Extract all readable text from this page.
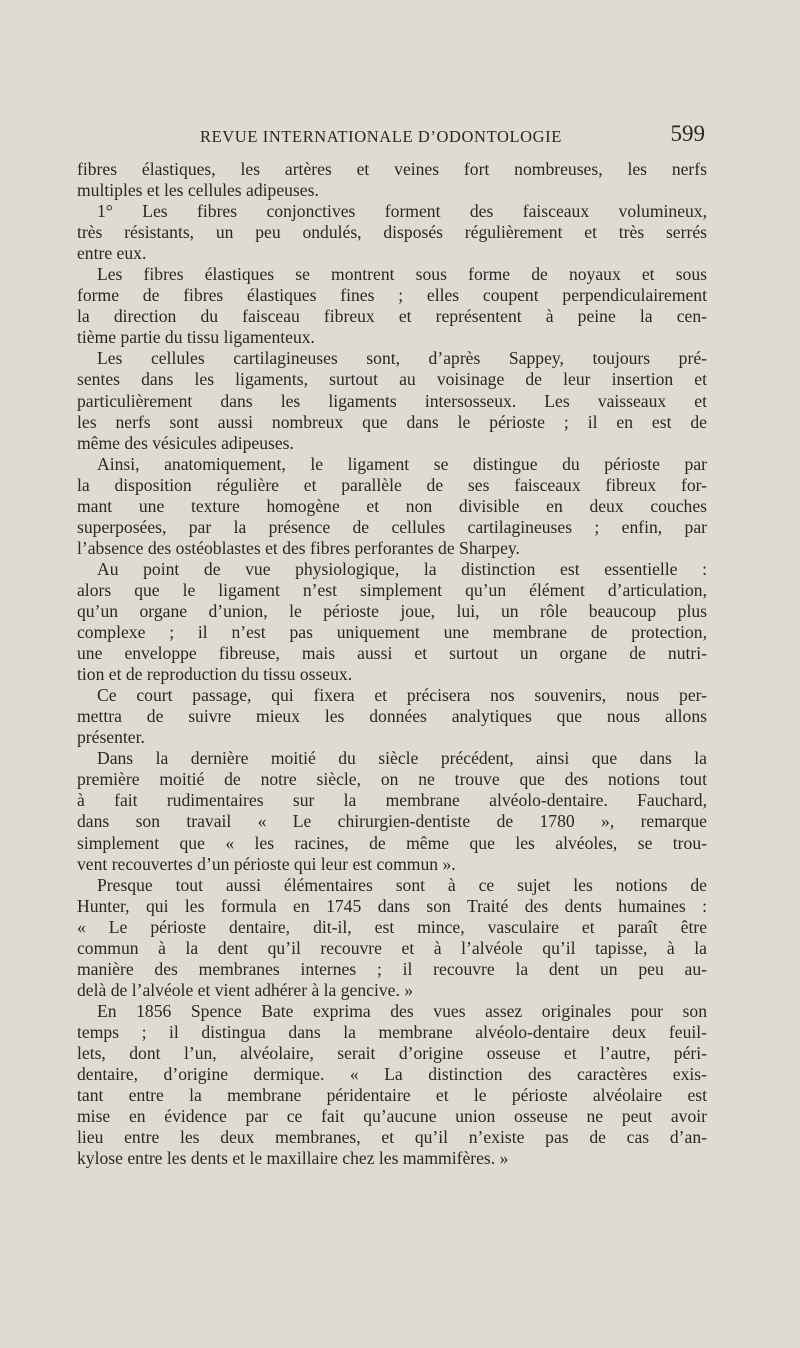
REVUE INTERNATIONALE D’ODONTOLOGIE	599
fibres élastiques, les artères et veines fort nombreuses, les nerfs
multiples et les cellules adipeuses.
1° Les fibres conjonctives forment des faisceaux volumineux,
très résistants, un peu ondulés, disposés régulièrement et très serrés
entre eux.
Les fibres élastiques se montrent sous forme de noyaux et sous
forme de fibres élastiques fines ; elles coupent perpendiculairement
la direction du faisceau fibreux et représentent à peine la cen-
tième partie du tissu ligamenteux.
Les cellules cartilagineuses sont, d’après Sappey, toujours pré-
sentes dans les ligaments, surtout au voisinage de leur insertion et
particulièrement dans les ligaments intersosseux. Les vaisseaux et
les nerfs sont aussi nombreux que dans le périoste ; il en est de
même des vésicules adipeuses.
Ainsi, anatomiquement, le ligament se distingue du périoste par
la disposition régulière et parallèle de ses faisceaux fibreux for-
mant une texture homogène et non divisible en deux couches
superposées, par la présence de cellules cartilagineuses ; enfin, par
l’absence des ostéoblastes et des fibres perforantes de Sharpey.
Au point de vue physiologique, la distinction est essentielle :
alors que le ligament n’est simplement qu’un élément d’articulation,
qu’un organe d’union, le périoste joue, lui, un rôle beaucoup plus
complexe ; il n’est pas uniquement une membrane de protection,
une enveloppe fibreuse, mais aussi et surtout un organe de nutri-
tion et de reproduction du tissu osseux.
Ce court passage, qui fixera et précisera nos souvenirs, nous per-
mettra de suivre mieux les données analytiques que nous allons
présenter.
Dans la dernière moitié du siècle précédent, ainsi que dans la
première moitié de notre siècle, on ne trouve que des notions tout
à fait rudimentaires sur la membrane alvéolo-dentaire. Fauchard,
dans son travail « Le chirurgien-dentiste de 1780 », remarque
simplement que « les racines, de même que les alvéoles, se trou-
vent recouvertes d’un périoste qui leur est commun ».
Presque tout aussi élémentaires sont à ce sujet les notions de
Hunter, qui les formula en 1745 dans son Traité des dents humaines :
« Le périoste dentaire, dit-il, est mince, vasculaire et paraît être
commun à la dent qu’il recouvre et à l’alvéole qu’il tapisse, à la
manière des membranes internes ; il recouvre la dent un peu au-
delà de l’alvéole et vient adhérer à la gencive. »
En 1856 Spence Bate exprima des vues assez originales pour son
temps ; il distingua dans la membrane alvéolo-dentaire deux feuil-
lets, dont l’un, alvéolaire, serait d’origine osseuse et l’autre, péri-
dentaire, d’origine dermique. « La distinction des caractères exis-
tant entre la membrane péridentaire et le périoste alvéolaire est
mise en évidence par ce fait qu’aucune union osseuse ne peut avoir
lieu entre les deux membranes, et qu’il n’existe pas de cas d’an-
kylose entre les dents et le maxillaire chez les mammifères. »
